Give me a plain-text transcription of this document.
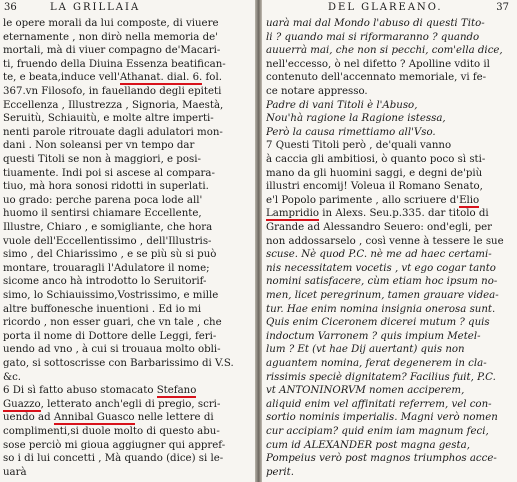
36	LA GRILLAIA
le opere morali da lui composte, di viuere
eternamente , non dirò nella memoria de'
mortali, mà di viuer compagno de'Macari-
ti, fruendo della Diuina Essenza beatifican-
te, e beata,induce vell'Athanat. dial. 6. fol.
367.vn Filosofo, in fauellando degli epiteti
Eccellenza , Illustrezza , Signoria, Maestà,
Seruitù, Schiauitù, e molte altre imperti-
nenti parole ritrouate dagli adulatori mon-
dani . Non soleansi per vn tempo dar
questi Titoli se non à maggiori, e posi-
tiuamente. Indi poi si ascese al compara-
tiuo, mà hora sonosi ridotti in superlati.
uo grado: perche parena poca lode all'
huomo il sentirsi chiamare Eccellente,
Illustre, Chiaro , e somigliante, che hora
vuole dell'Eccellentissimo , dell'Illustris-
simo , del Chiarissimo , e se più sù si può
montare, trouaragli l'Adulatore il nome;
sicome anco hà introdotto lo Seruitorif-
simo, lo Schiauissimo,Vostrissimo, e mille
altre buffonesche inuentioni . Ed io mi
ricordo , non esser guari, che vn tale , che
porta il nome di Dottore delle Leggi, feri-
uendo ad vno , à cui si trouaua molto obli-
gato, si sottoscrisse con Barbarissimo di V.S.
&c.
6 Di sì fatto abuso stomacato Stefano
Guazzo, letterato anch'egli di pregio, scri-
uendo ad Annibal Guasco nelle lettere di
complimenti,si duole molto di questo abu-
sose perciò mi gioua aggiugner qui appref-
so i di lui concetti , Mà quando (dice) si le-
uarà
DEL GLAREANO.	37
uarà mai dal Mondo l'abuso di questi Tito-
li ? quando mai si riformaranno ? quando
auuerrà mai, che non si pecchi, com'ella dice,
nell'eccesso, ò nel difetto ? Apolline vdito il
contenuto dell'accennato memoriale, vi fe-
ce notare appresso.
Padre di vani Titoli è l'Abuso,
Nou'hà ragione la Ragione istessa,
Però la causa rimettiamo all'Vso.
7 Questi Titoli però , de'quali vanno
à caccia gli ambitiosi, ò quanto poco sì sti-
mano da gli huomini saggi, e degni de'più
illustri encomij! Voleua il Romano Senato,
e'l Popolo parimente , allo scriuere d'Elio
Lampridio in Alexs. Seu.p.335. dar titolo di
Grande ad Alessandro Seuero: ond'egli, per
non addossarselo , così venne à tessere le sue
scuse. Nè quod P.C. nè me ad haec certami-
nis necessitatem vocetis , vt ego cogar tanto
nomini satisfacere, cùm etiam hoc ipsum no-
men, licet peregrinum, tamen grauare videa-
tur. Hae enim nomina insignia onerosa sunt.
Quis enim Ciceronem dicerei mutum ? quis
indoctum Varronem ? quis impium Metel-
lum ? Et (vt hae Dij auertant) quis non
aguantem nomina, ferat degenerem in cla-
rissimis speciè dignitatem? Facilius fuit, P.C.
vt ANTONINORVM nomen acciperem,
aliquid enim vel affinitati referrem, vel con-
sortio nominis imperialis. Magni verò nomen
cur accipiam? quid enim iam magnum feci,
cum id ALEXANDER post magna gesta,
Pompeius verò post magnos triumphos acce-
perit.
